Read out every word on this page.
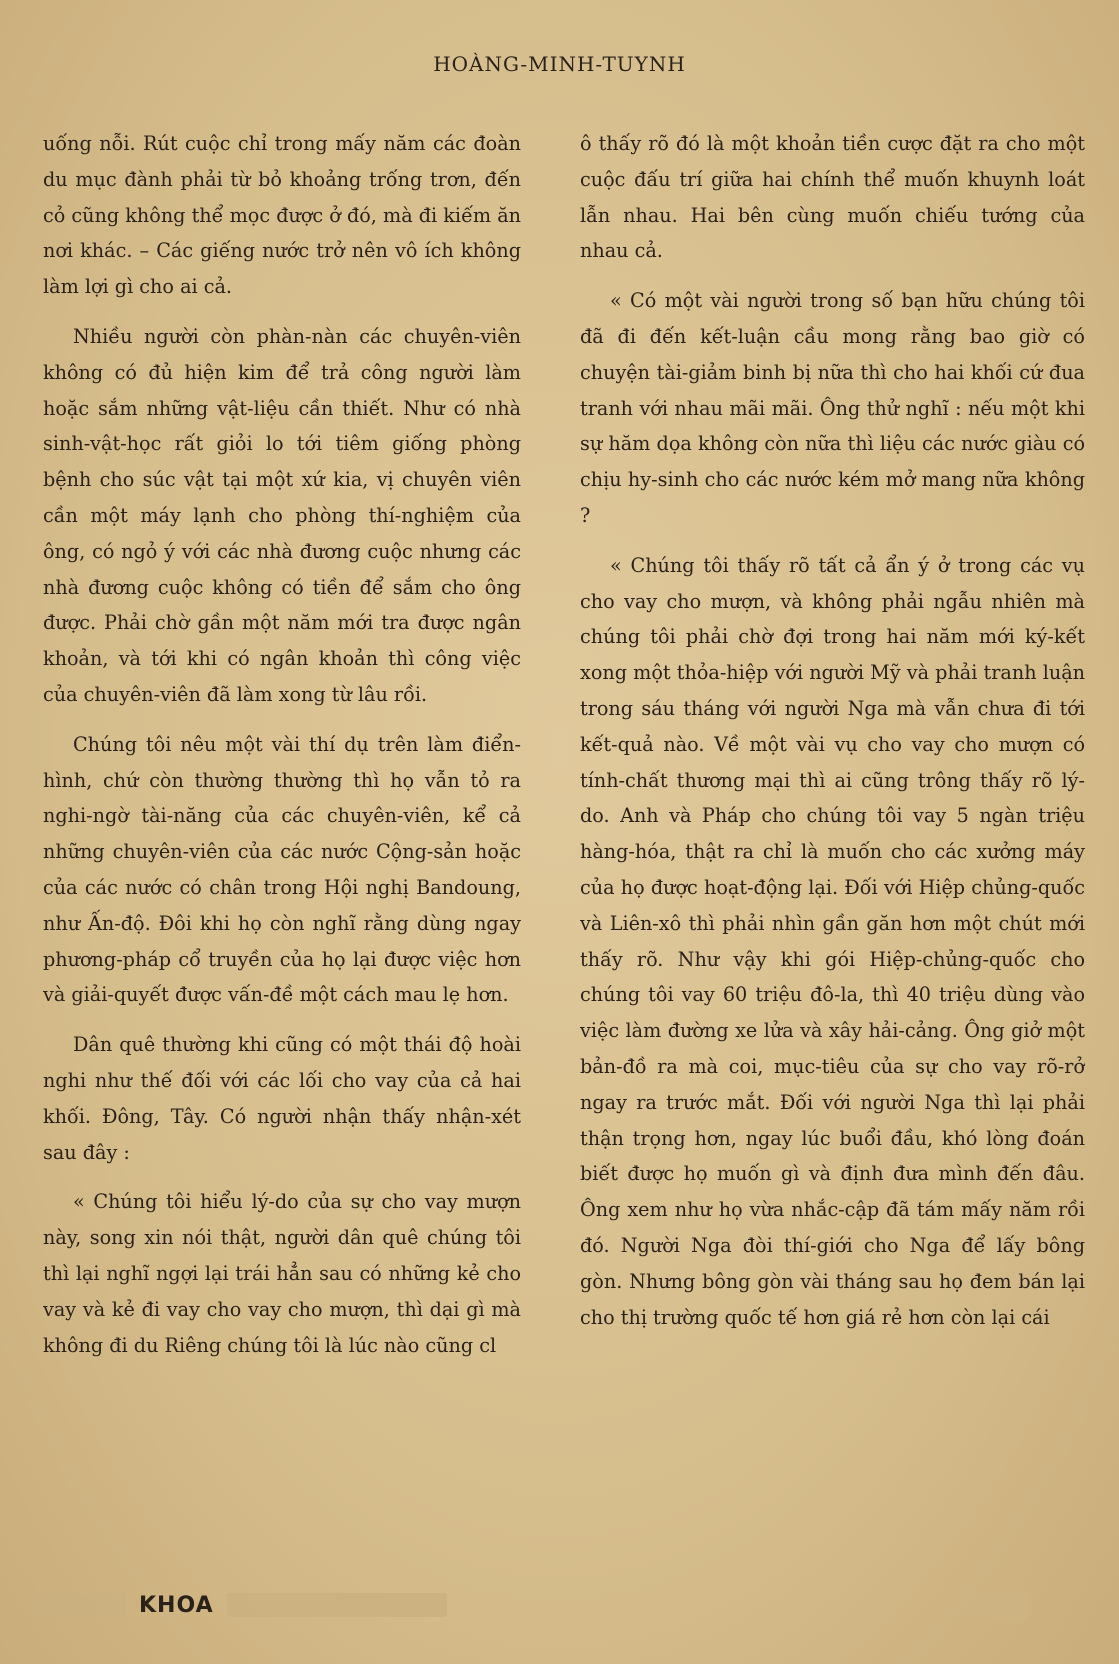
HOÀNG-MINH-TUYNH

uống nỗi. Rút cuộc chỉ trong mấy năm các đoàn du mục đành phải từ bỏ khoảng trống trơn, đến cỏ cũng không thể mọc được ở đó, mà đi kiếm ăn nơi khác. – Các giếng nước trở nên vô ích không làm lợi gì cho ai cả.

Nhiều người còn phàn-nàn các chuyên-viên không có đủ hiện kim để trả công người làm hoặc sắm những vật-liệu cần thiết. Như có nhà sinh-vật-học rất giỏi lo tới tiêm giống phòng bệnh cho súc vật tại một xứ kia, vị chuyên viên cần một máy lạnh cho phòng thí-nghiệm của ông, có ngỏ ý với các nhà đương cuộc nhưng các nhà đương cuộc không có tiền để sắm cho ông được. Phải chờ gần một năm mới tra được ngân khoản, và tới khi có ngân khoản thì công việc của chuyên-viên đã làm xong từ lâu rồi.

Chúng tôi nêu một vài thí dụ trên làm điển-hình, chứ còn thường thường thì họ vẫn tỏ ra nghi-ngờ tài-năng của các chuyên-viên, kể cả những chuyên-viên của các nước Cộng-sản hoặc của các nước có chân trong Hội nghị Bandoung, như Ấn-độ. Đôi khi họ còn nghĩ rằng dùng ngay phương-pháp cổ truyền của họ lại được việc hơn và giải-quyết được vấn-đề một cách mau lẹ hơn.

Dân quê thường khi cũng có một thái độ hoài nghi như thế đối với các lối cho vay của cả hai khối. Đông, Tây. Có người nhận thấy nhận-xét sau đây :

« Chúng tôi hiểu lý-do của sự cho vay mượn này, song xin nói thật, người dân quê chúng tôi thì lại nghĩ ngợi lại trái hẳn sau có những kẻ cho vay và kẻ đi vay cho vay cho mượn, thì dại gì mà không đi du Riêng chúng tôi là lúc nào cũng cl

ô thấy rõ đó là một khoản tiền cược đặt ra cho một cuộc đấu trí giữa hai chính thể muốn khuynh loát lẫn nhau. Hai bên cùng muốn chiếu tướng của nhau cả.

« Có một vài người trong số bạn hữu chúng tôi đã đi đến kết-luận cầu mong rằng bao giờ có chuyện tài-giảm binh bị nữa thì cho hai khối cứ đua tranh với nhau mãi mãi. Ông thử nghĩ : nếu một khi sự hăm dọa không còn nữa thì liệu các nước giàu có chịu hy-sinh cho các nước kém mở mang nữa không ?

« Chúng tôi thấy rõ tất cả ẩn ý ở trong các vụ cho vay cho mượn, và không phải ngẫu nhiên mà chúng tôi phải chờ đợi trong hai năm mới ký-kết xong một thỏa-hiệp với người Mỹ và phải tranh luận trong sáu tháng với người Nga mà vẫn chưa đi tới kết-quả nào. Về một vài vụ cho vay cho mượn có tính-chất thương mại thì ai cũng trông thấy rõ lý-do. Anh và Pháp cho chúng tôi vay 5 ngàn triệu hàng-hóa, thật ra chỉ là muốn cho các xưởng máy của họ được hoạt-động lại. Đối với Hiệp chủng-quốc và Liên-xô thì phải nhìn gần găn hơn một chút mới thấy rõ. Như vậy khi gói Hiệp-chủng-quốc cho chúng tôi vay 60 triệu đô-la, thì 40 triệu dùng vào việc làm đường xe lửa và xây hải-cảng. Ông giở một bản-đồ ra mà coi, mục-tiêu của sự cho vay rõ-rở ngay ra trước mắt. Đối với người Nga thì lại phải thận trọng hơn, ngay lúc buổi đầu, khó lòng đoán biết được họ muốn gì và định đưa mình đến đâu. Ông xem như họ vừa nhắc-cập đã tám mấy năm rồi đó. Người Nga đòi thí-giới cho Nga để lấy bông gòn. Nhưng bông gòn vài tháng sau họ đem bán lại cho thị trường quốc tế hơn giá rẻ hơn còn lại cái

KHOA
